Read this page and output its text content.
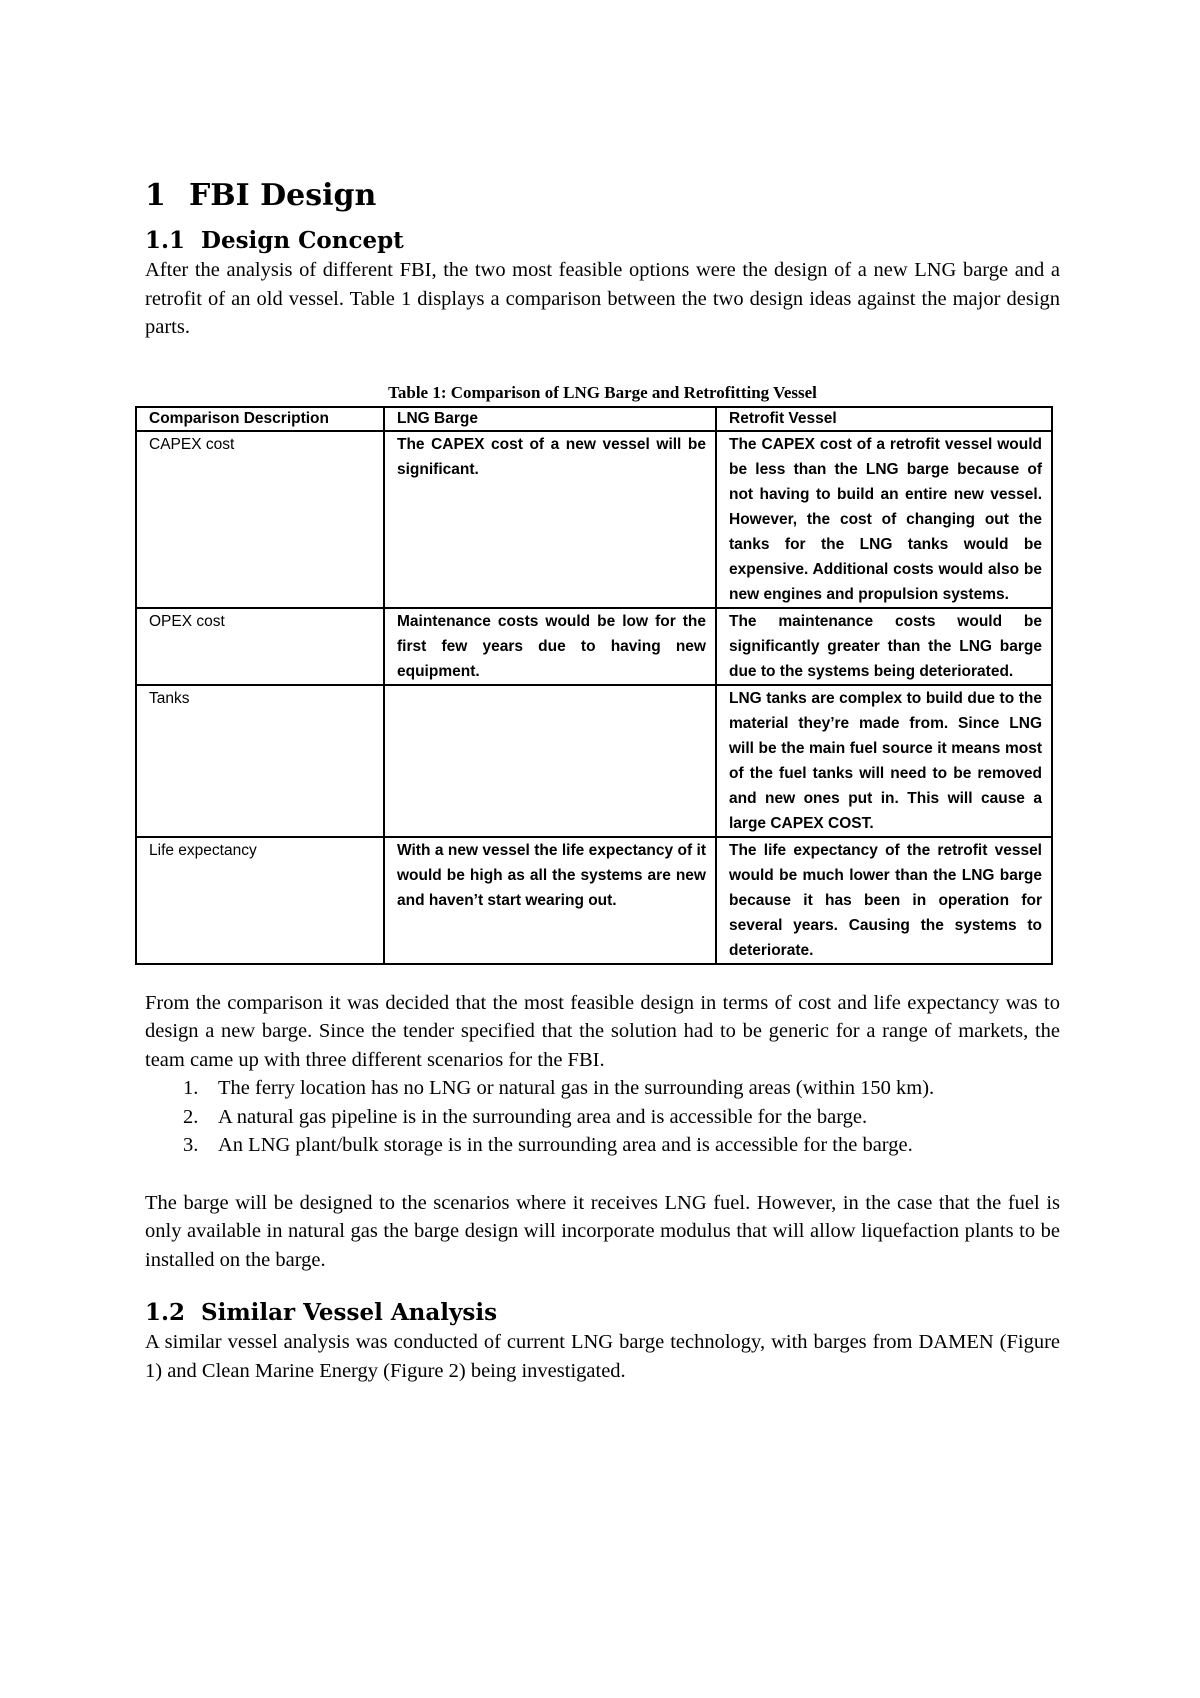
1 FBI Design
1.1 Design Concept

After the analysis of different FBI, the two most feasible options were the design of a new LNG barge and a retrofit of an old vessel. Table 1 displays a comparison between the two design ideas against the major design parts.

Table 1: Comparison of LNG Barge and Retrofitting Vessel
Comparison Description	LNG Barge	Retrofit Vessel
CAPEX cost	The CAPEX cost of a new vessel will be significant.	The CAPEX cost of a retrofit vessel would be less than the LNG barge because of not having to build an entire new vessel. However, the cost of changing out the tanks for the LNG tanks would be expensive. Additional costs would also be new engines and propulsion systems.
OPEX cost	Maintenance costs would be low for the first few years due to having new equipment.	The maintenance costs would be significantly greater than the LNG barge due to the systems being deteriorated.
Tanks		LNG tanks are complex to build due to the material they’re made from. Since LNG will be the main fuel source it means most of the fuel tanks will need to be removed and new ones put in. This will cause a large CAPEX COST.
Life expectancy	With a new vessel the life expectancy of it would be high as all the systems are new and haven’t start wearing out.	The life expectancy of the retrofit vessel would be much lower than the LNG barge because it has been in operation for several years. Causing the systems to deteriorate.

From the comparison it was decided that the most feasible design in terms of cost and life expectancy was to design a new barge. Since the tender specified that the solution had to be generic for a range of markets, the team came up with three different scenarios for the FBI.

1. The ferry location has no LNG or natural gas in the surrounding areas (within 150 km).
2. A natural gas pipeline is in the surrounding area and is accessible for the barge.
3. An LNG plant/bulk storage is in the surrounding area and is accessible for the barge.

The barge will be designed to the scenarios where it receives LNG fuel. However, in the case that the fuel is only available in natural gas the barge design will incorporate modulus that will allow liquefaction plants to be installed on the barge.

1.2 Similar Vessel Analysis

A similar vessel analysis was conducted of current LNG barge technology, with barges from DAMEN (Figure 1) and Clean Marine Energy (Figure 2) being investigated.
